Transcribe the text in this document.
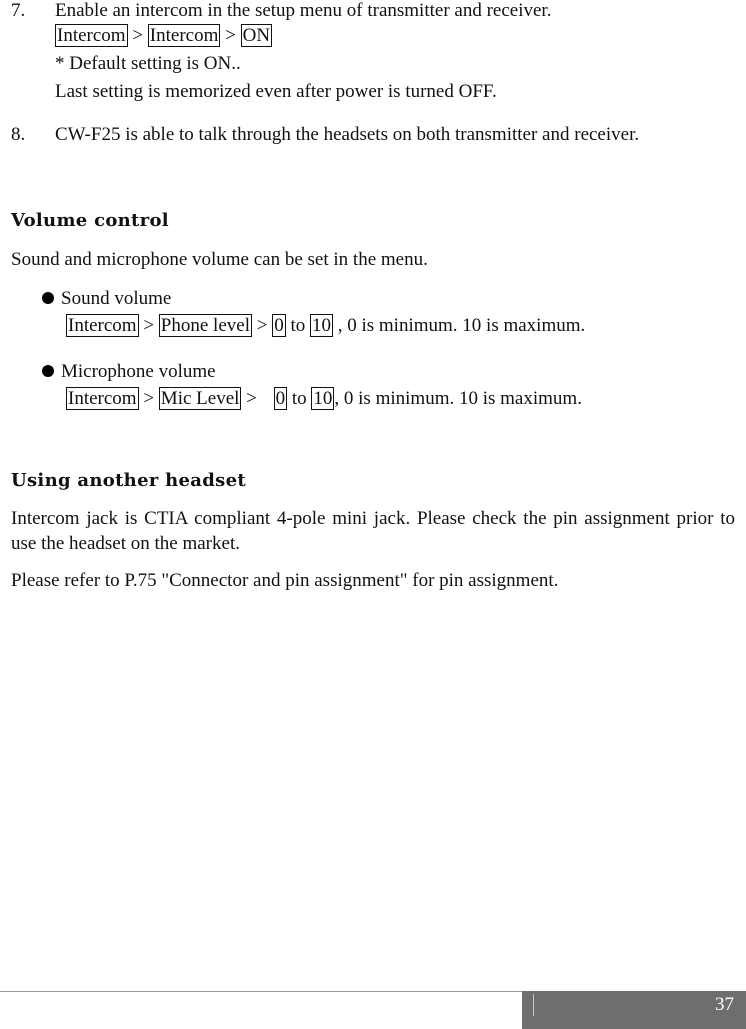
7. Enable an intercom in the setup menu of transmitter and receiver.
Intercom > Intercom > ON
* Default setting is ON..
Last setting is memorized even after power is turned OFF.
8. CW-F25 is able to talk through the headsets on both transmitter and receiver.
Volume control
Sound and microphone volume can be set in the menu.
Sound volume
Intercom > Phone level > 0 to 10 , 0 is minimum. 10 is maximum.
Microphone volume
Intercom > Mic Level > 0 to 10 , 0 is minimum. 10 is maximum.
Using another headset
Intercom jack is CTIA compliant 4-pole mini jack. Please check the pin assignment prior to use the headset on the market.
Please refer to P.75 "Connector and pin assignment" for pin assignment.
37
